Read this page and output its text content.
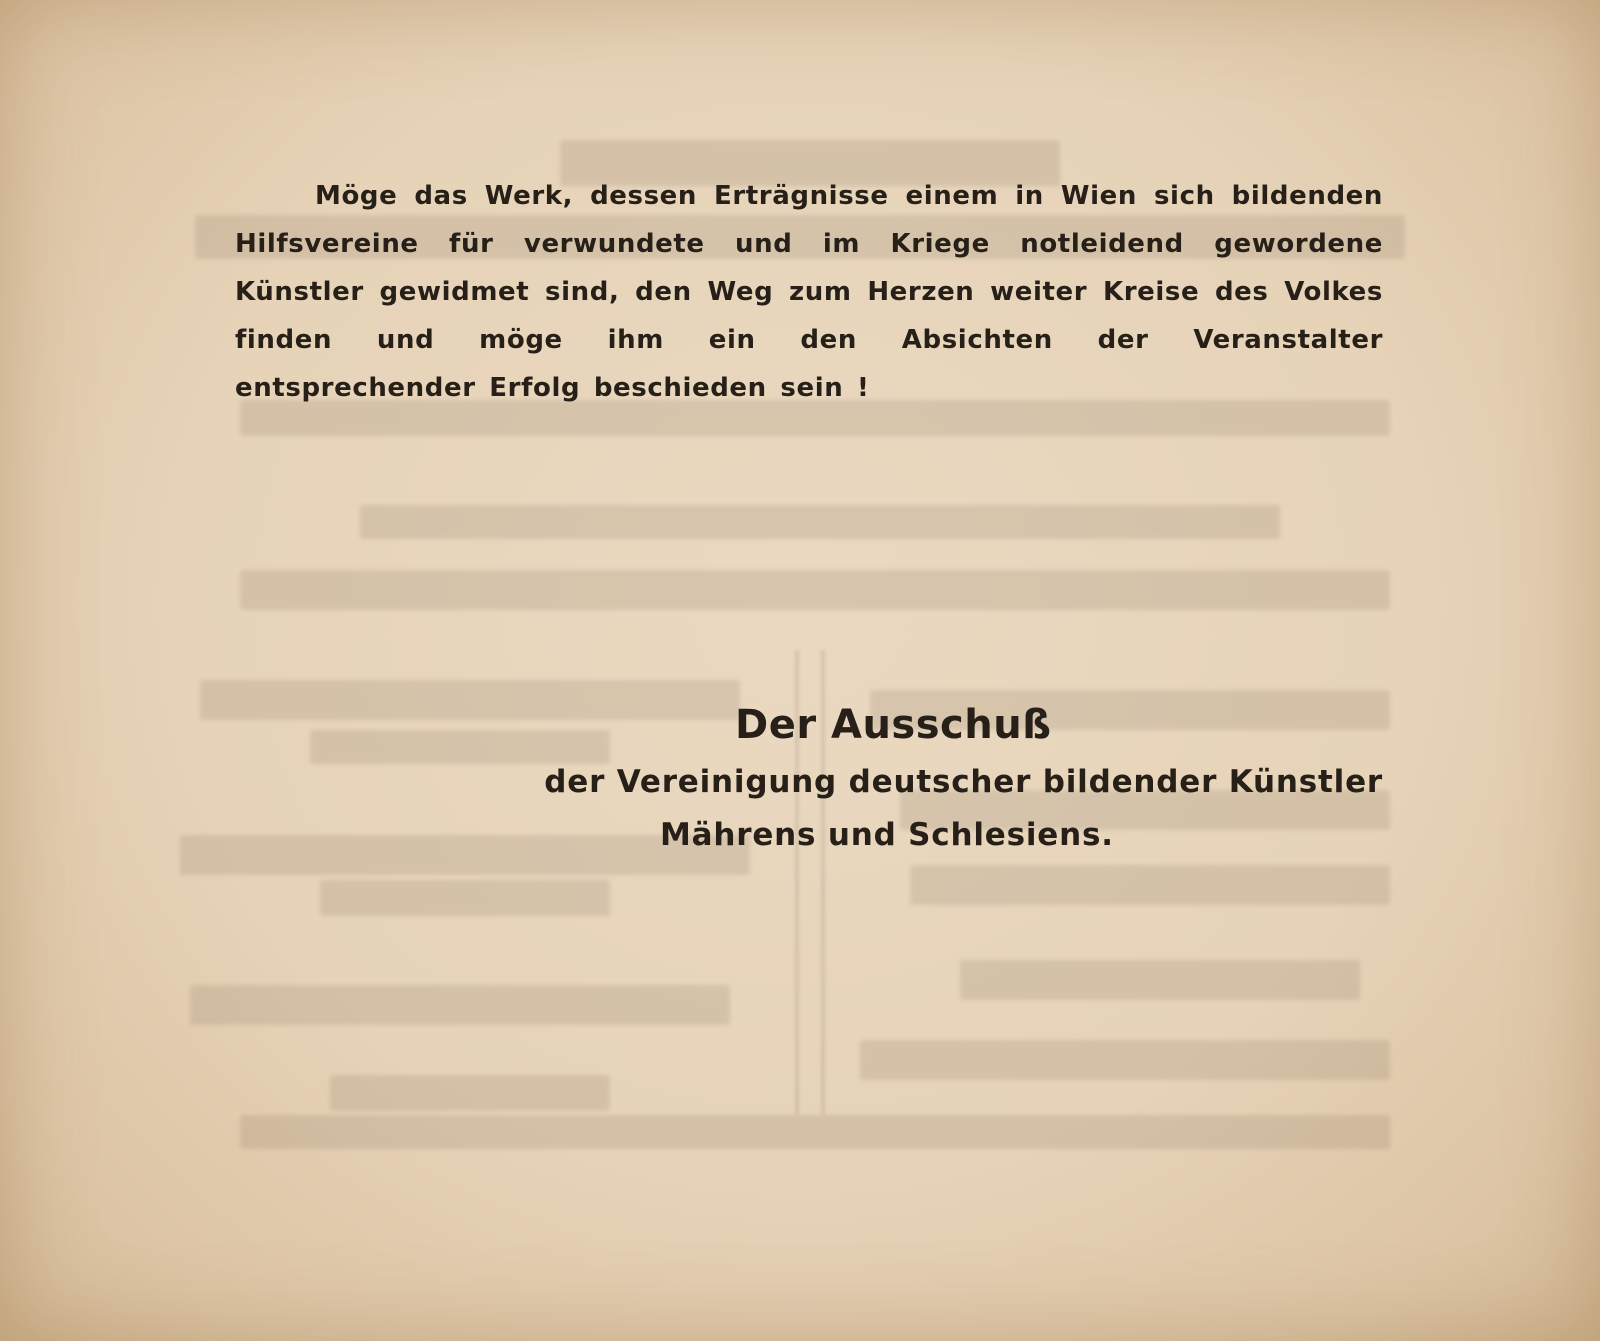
Möge das Werk, dessen Erträgnisse einem in Wien sich bildenden Hilfsvereine für verwundete und im Kriege notleidend gewordene Künstler gewidmet sind, den Weg zum Herzen weiter Kreise des Volkes finden und möge ihm ein den Absichten der Veranstalter entsprechender Erfolg beschieden sein !

Der Ausschuß
der Vereinigung deutscher bildender Künstler
Mährens und Schlesiens.
